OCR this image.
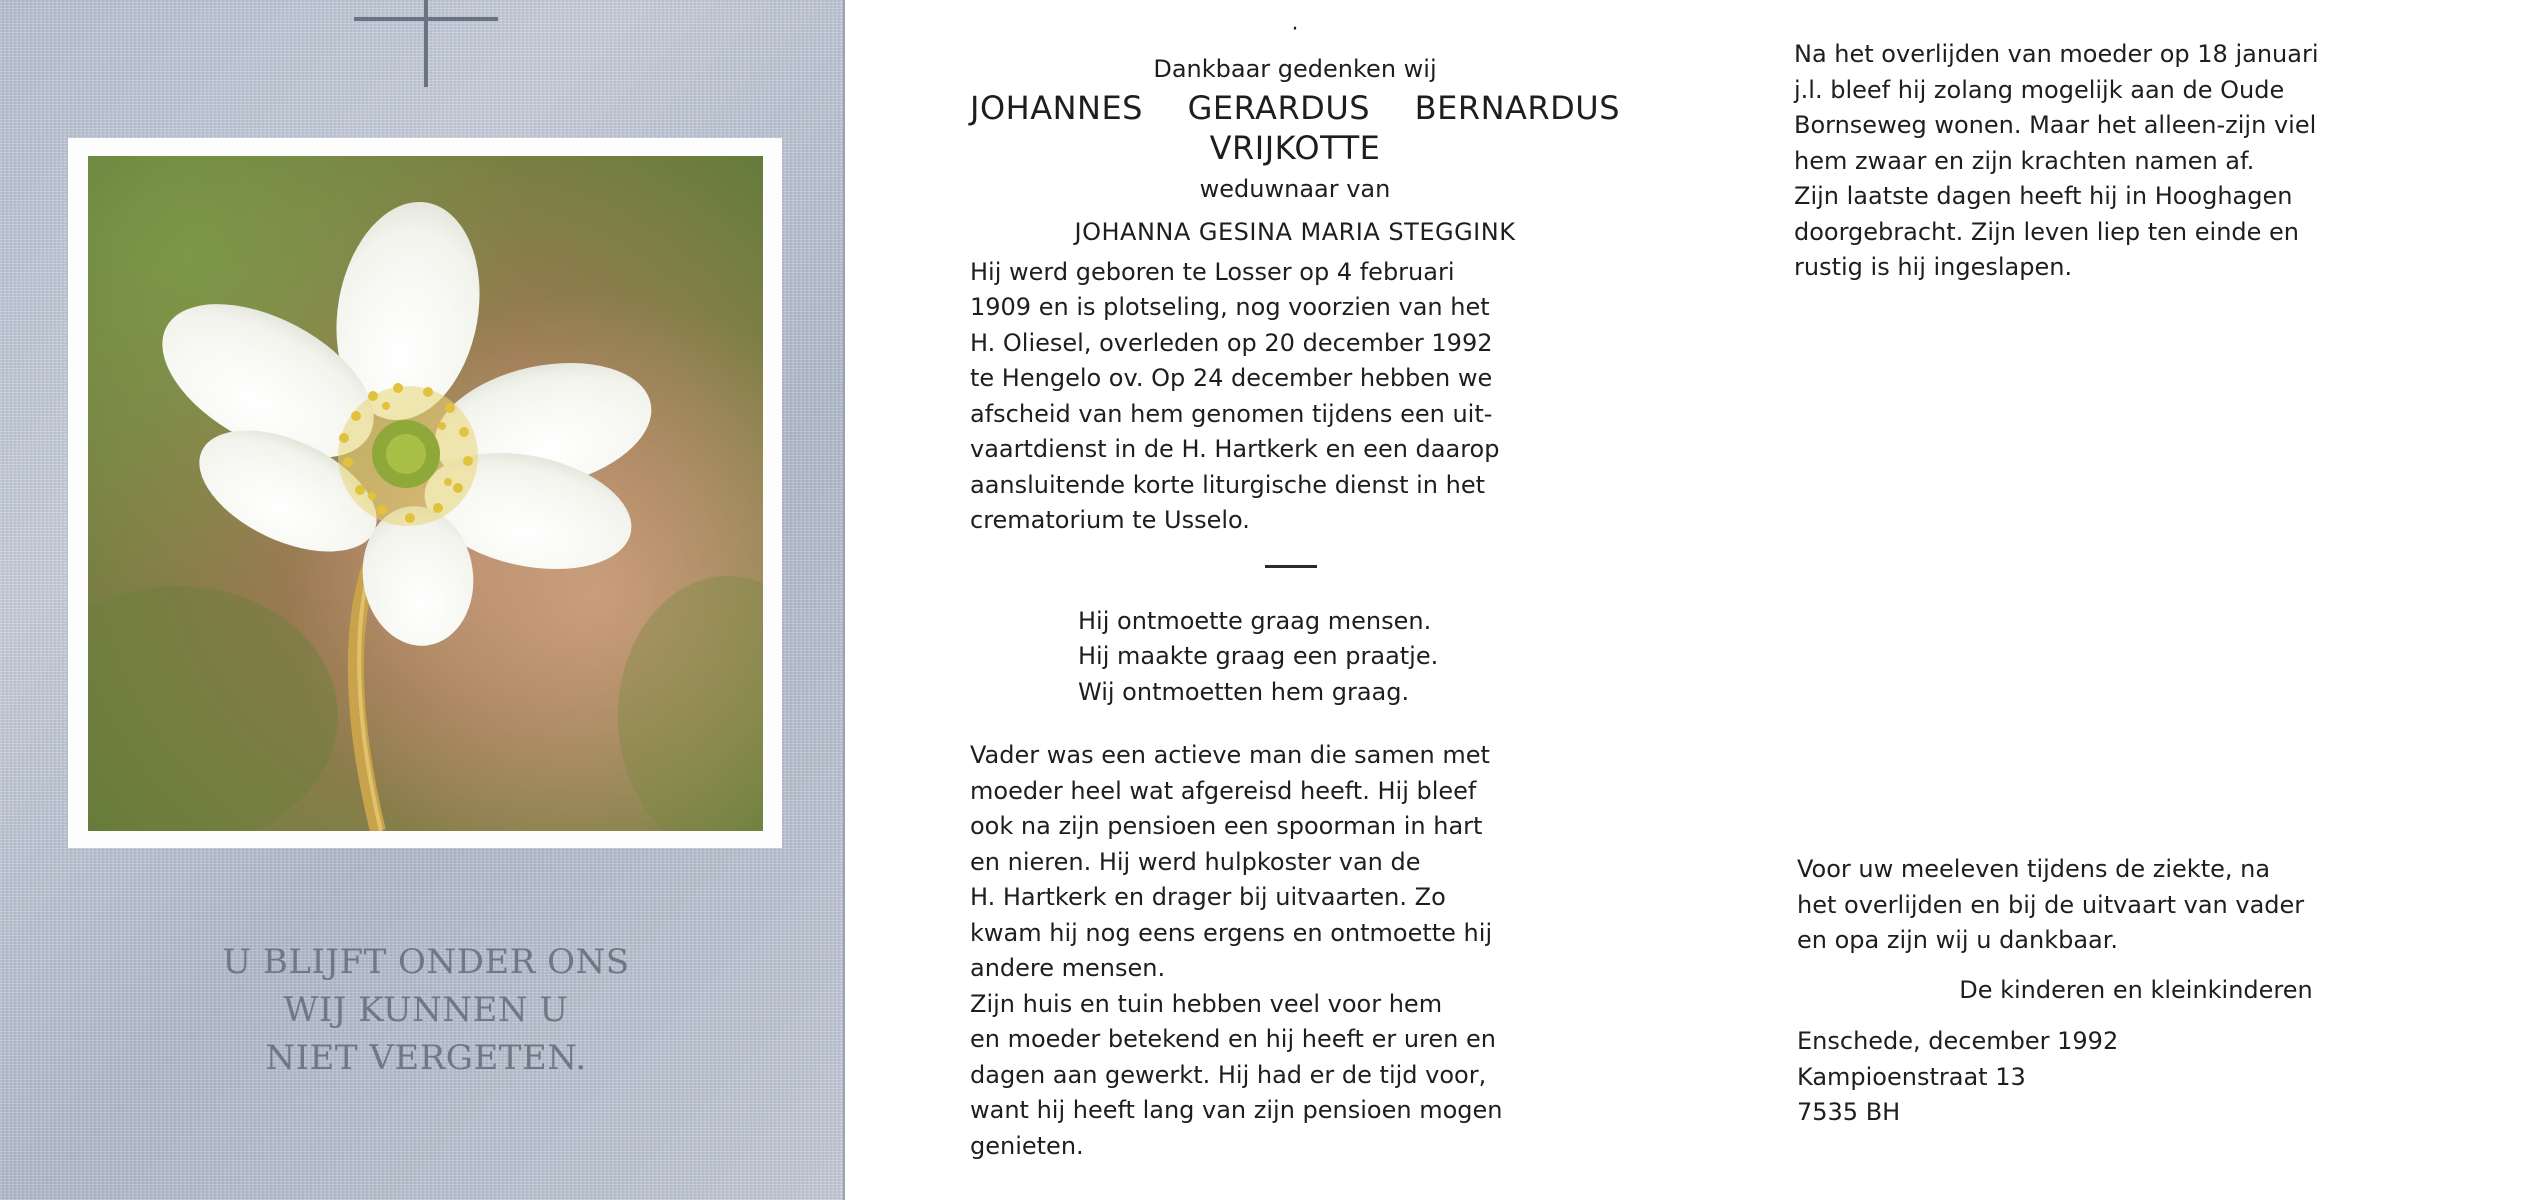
U BLIJFT ONDER ONS
WIJ KUNNEN U
NIET VERGETEN.
·
Dankbaar gedenken wij
JOHANNES GERARDUS BERNARDUS
VRIJKOTTE
weduwnaar van
JOHANNA GESINA MARIA STEGGINK
Hij werd geboren te Losser op 4 februari
1909 en is plotseling, nog voorzien van het
H. Oliesel, overleden op 20 december 1992
te Hengelo ov. Op 24 december hebben we
afscheid van hem genomen tijdens een uit-
vaartdienst in de H. Hartkerk en een daarop
aansluitende korte liturgische dienst in het
crematorium te Usselo.
Hij ontmoette graag mensen.
Hij maakte graag een praatje.
Wij ontmoetten hem graag.
Vader was een actieve man die samen met
moeder heel wat afgereisd heeft. Hij bleef
ook na zijn pensioen een spoorman in hart
en nieren. Hij werd hulpkoster van de
H. Hartkerk en drager bij uitvaarten. Zo
kwam hij nog eens ergens en ontmoette hij
andere mensen.
Zijn huis en tuin hebben veel voor hem
en moeder betekend en hij heeft er uren en
dagen aan gewerkt. Hij had er de tijd voor,
want hij heeft lang van zijn pensioen mogen
genieten.
Na het overlijden van moeder op 18 januari
j.l. bleef hij zolang mogelijk aan de Oude
Bornseweg wonen. Maar het alleen-zijn viel
hem zwaar en zijn krachten namen af.
Zijn laatste dagen heeft hij in Hooghagen
doorgebracht. Zijn leven liep ten einde en
rustig is hij ingeslapen.
Voor uw meeleven tijdens de ziekte, na
het overlijden en bij de uitvaart van vader
en opa zijn wij u dankbaar.
De kinderen en kleinkinderen
Enschede, december 1992
Kampioenstraat 13
7535 BH
